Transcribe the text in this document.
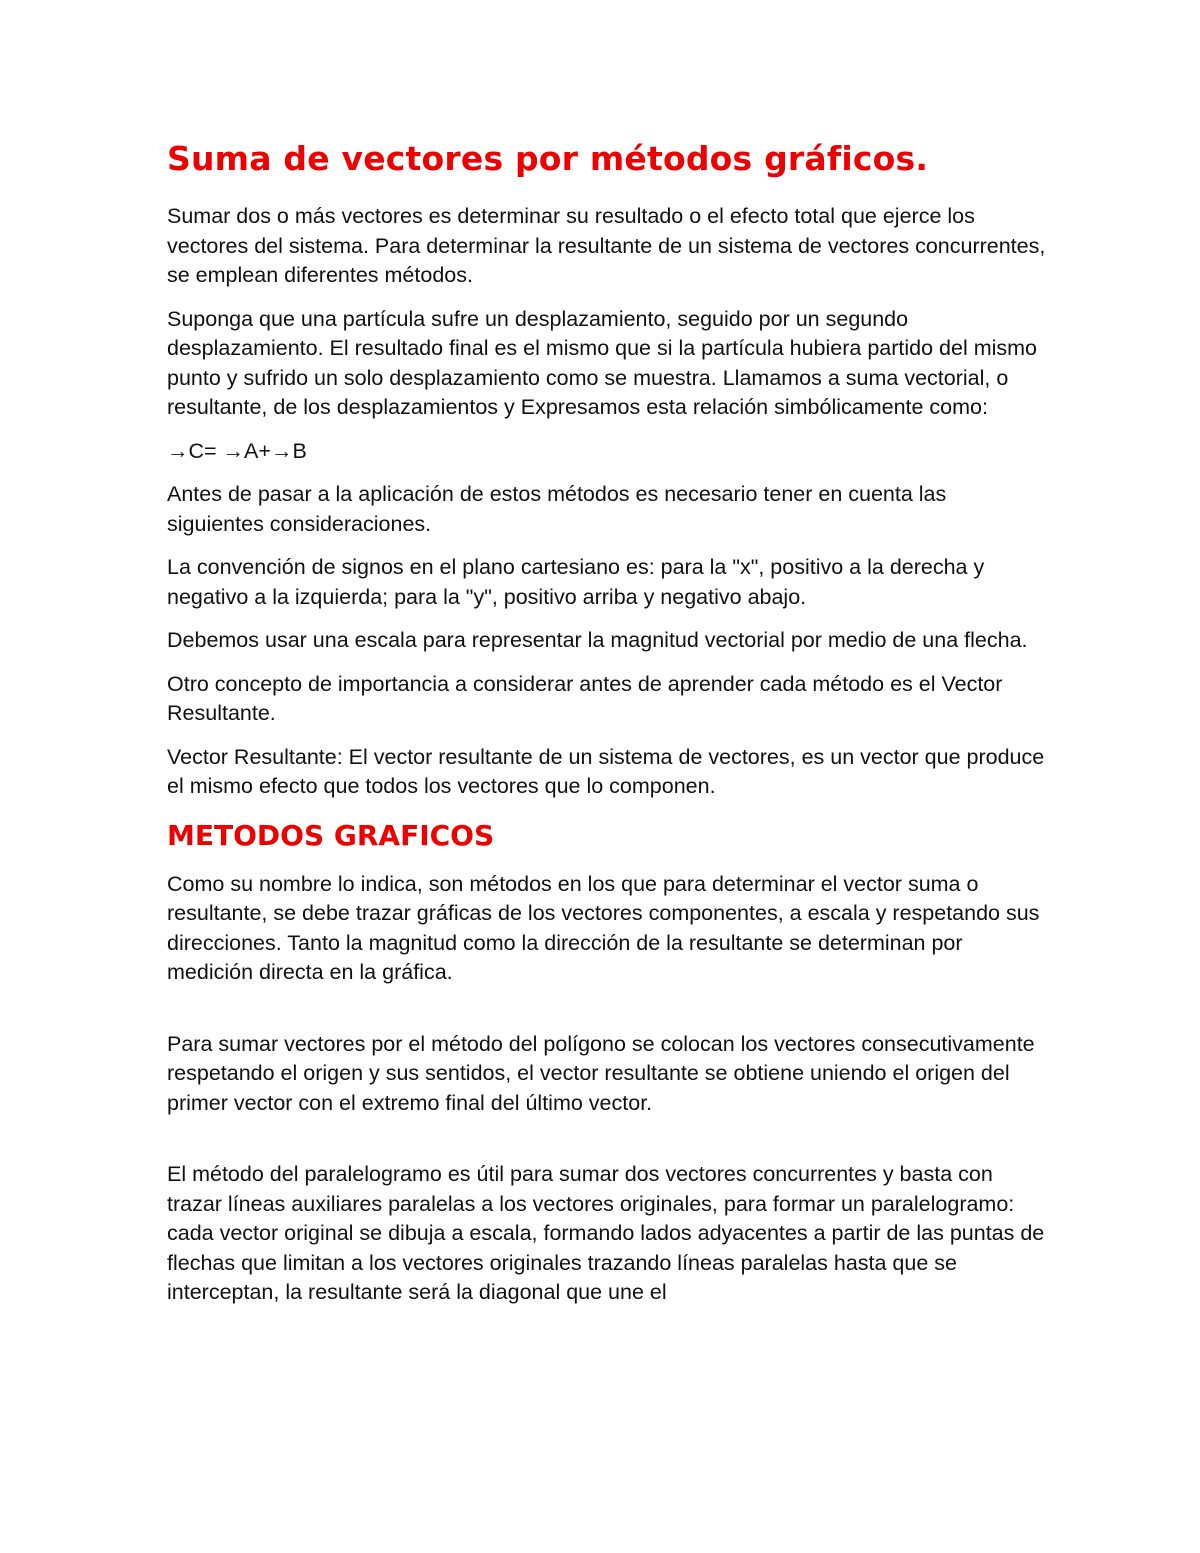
Suma de vectores por métodos gráficos.

Sumar dos o más vectores es determinar su resultado o el efecto total que ejerce los vectores del sistema. Para determinar la resultante de un sistema de vectores concurrentes, se emplean diferentes métodos.

Suponga que una partícula sufre un desplazamiento, seguido por un segundo desplazamiento. El resultado final es el mismo que si la partícula hubiera partido del mismo punto y sufrido un solo desplazamiento como se muestra. Llamamos a suma vectorial, o resultante, de los desplazamientos y Expresamos esta relación simbólicamente como:

→C= →A+→B

Antes de pasar a la aplicación de estos métodos es necesario tener en cuenta las siguientes consideraciones.

La convención de signos en el plano cartesiano es: para la "x", positivo a la derecha y negativo a la izquierda; para la "y", positivo arriba y negativo abajo.

Debemos usar una escala para representar la magnitud vectorial por medio de una flecha.

Otro concepto de importancia a considerar antes de aprender cada método es el Vector Resultante.

Vector Resultante: El vector resultante de un sistema de vectores, es un vector que produce el mismo efecto que todos los vectores que lo componen.

METODOS GRAFICOS

Como su nombre lo indica, son métodos en los que para determinar el vector suma o resultante, se debe trazar gráficas de los vectores componentes, a escala y respetando sus direcciones. Tanto la magnitud como la dirección de la resultante se determinan por medición directa en la gráfica.

Para sumar vectores por el método del polígono se colocan los vectores consecutivamente respetando el origen y sus sentidos, el vector resultante se obtiene uniendo el origen del primer vector con el extremo final del último vector.

El método del paralelogramo es útil para sumar dos vectores concurrentes y basta con trazar líneas auxiliares paralelas a los vectores originales, para formar un paralelogramo: cada vector original se dibuja a escala, formando lados adyacentes a partir de las puntas de flechas que limitan a los vectores originales trazando líneas paralelas hasta que se interceptan, la resultante será la diagonal que une el
